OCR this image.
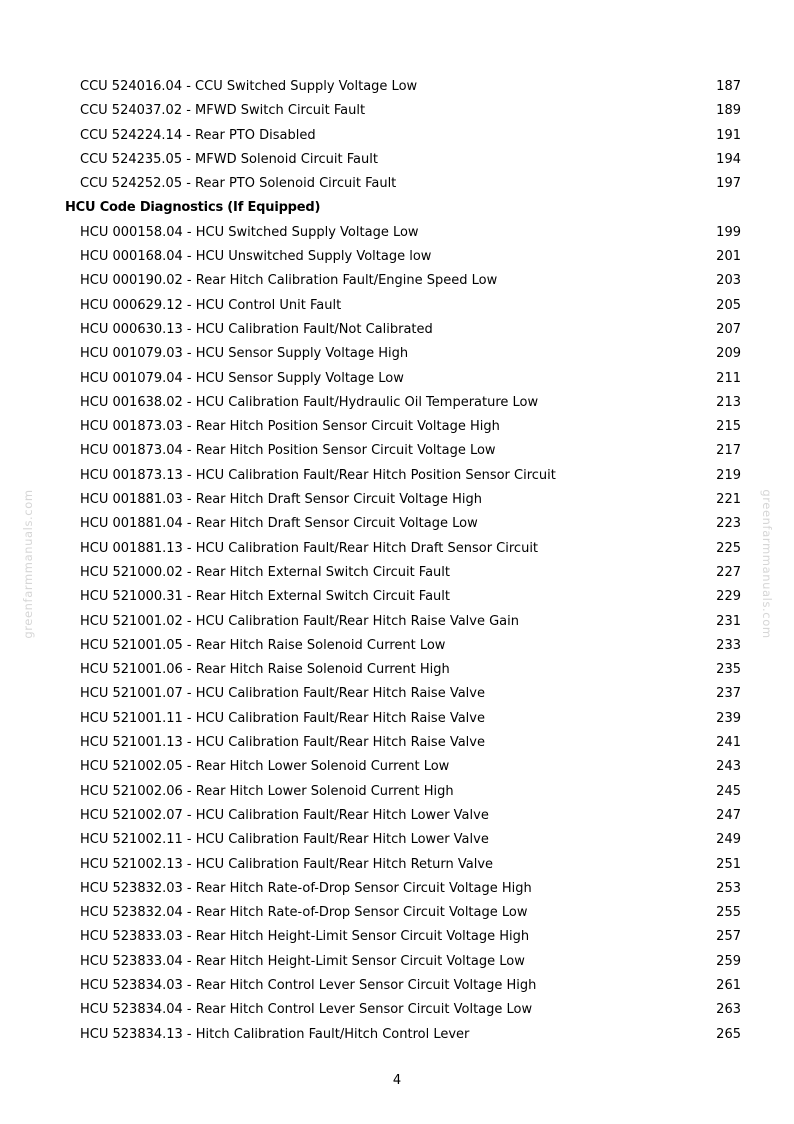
greenfarmmanuals.com	greenfarmmanuals.com
CCU 524016.04 - CCU Switched Supply Voltage Low	187
CCU 524037.02 - MFWD Switch Circuit Fault	189
CCU 524224.14 - Rear PTO Disabled	191
CCU 524235.05 - MFWD Solenoid Circuit Fault	194
CCU 524252.05 - Rear PTO Solenoid Circuit Fault	197
HCU Code Diagnostics (If Equipped)
HCU 000158.04 - HCU Switched Supply Voltage Low	199
HCU 000168.04 - HCU Unswitched Supply Voltage low	201
HCU 000190.02 - Rear Hitch Calibration Fault/Engine Speed Low	203
HCU 000629.12 - HCU Control Unit Fault	205
HCU 000630.13 - HCU Calibration Fault/Not Calibrated	207
HCU 001079.03 - HCU Sensor Supply Voltage High	209
HCU 001079.04 - HCU Sensor Supply Voltage Low	211
HCU 001638.02 - HCU Calibration Fault/Hydraulic Oil Temperature Low	213
HCU 001873.03 - Rear Hitch Position Sensor Circuit Voltage High	215
HCU 001873.04 - Rear Hitch Position Sensor Circuit Voltage Low	217
HCU 001873.13 - HCU Calibration Fault/Rear Hitch Position Sensor Circuit	219
HCU 001881.03 - Rear Hitch Draft Sensor Circuit Voltage High	221
HCU 001881.04 - Rear Hitch Draft Sensor Circuit Voltage Low	223
HCU 001881.13 - HCU Calibration Fault/Rear Hitch Draft Sensor Circuit	225
HCU 521000.02 - Rear Hitch External Switch Circuit Fault	227
HCU 521000.31 - Rear Hitch External Switch Circuit Fault	229
HCU 521001.02 - HCU Calibration Fault/Rear Hitch Raise Valve Gain	231
HCU 521001.05 - Rear Hitch Raise Solenoid Current Low	233
HCU 521001.06 - Rear Hitch Raise Solenoid Current High	235
HCU 521001.07 - HCU Calibration Fault/Rear Hitch Raise Valve	237
HCU 521001.11 - HCU Calibration Fault/Rear Hitch Raise Valve	239
HCU 521001.13 - HCU Calibration Fault/Rear Hitch Raise Valve	241
HCU 521002.05 - Rear Hitch Lower Solenoid Current Low	243
HCU 521002.06 - Rear Hitch Lower Solenoid Current High	245
HCU 521002.07 - HCU Calibration Fault/Rear Hitch Lower Valve	247
HCU 521002.11 - HCU Calibration Fault/Rear Hitch Lower Valve	249
HCU 521002.13 - HCU Calibration Fault/Rear Hitch Return Valve	251
HCU 523832.03 - Rear Hitch Rate-of-Drop Sensor Circuit Voltage High	253
HCU 523832.04 - Rear Hitch Rate-of-Drop Sensor Circuit Voltage Low	255
HCU 523833.03 - Rear Hitch Height-Limit Sensor Circuit Voltage High	257
HCU 523833.04 - Rear Hitch Height-Limit Sensor Circuit Voltage Low	259
HCU 523834.03 - Rear Hitch Control Lever Sensor Circuit Voltage High	261
HCU 523834.04 - Rear Hitch Control Lever Sensor Circuit Voltage Low	263
HCU 523834.13 - Hitch Calibration Fault/Hitch Control Lever	265
4
